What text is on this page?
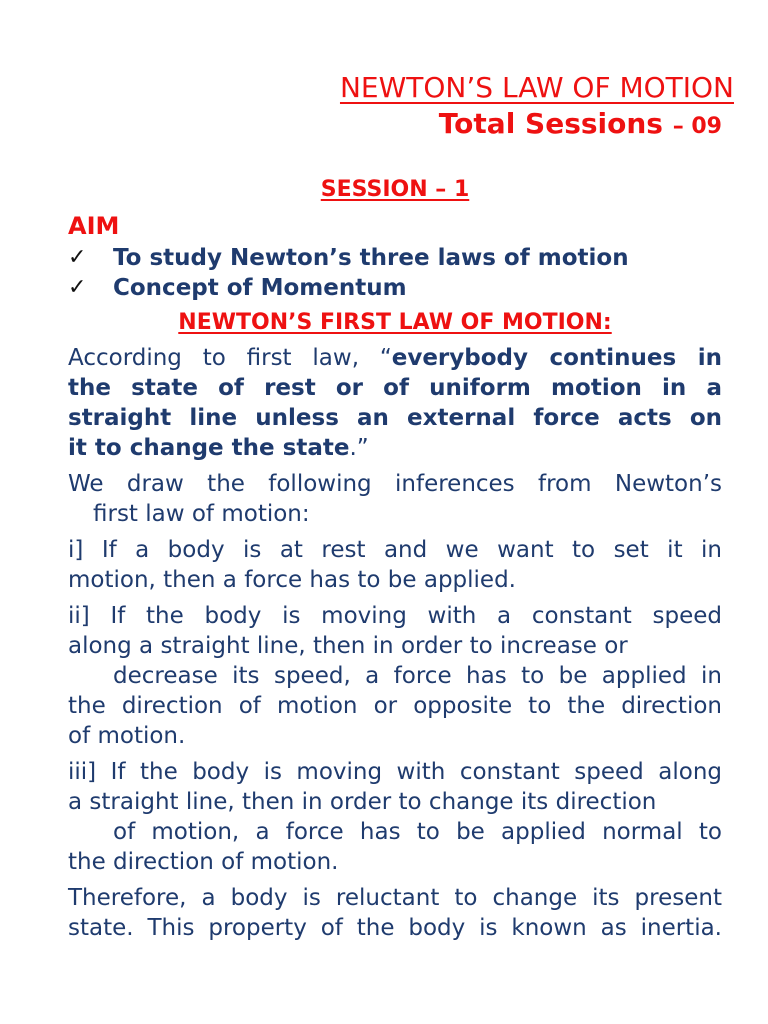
NEWTON’S LAW OF MOTION
Total Sessions – 09
SESSION – 1
AIM
✓	To study Newton’s three laws of motion
✓	Concept of Momentum
NEWTON’S FIRST LAW OF MOTION:
According to first law, “everybody continues in
the state of rest or of uniform motion in a
straight line unless an external force acts on
it to change the state.”
We draw the following inferences from Newton’s
first law of motion:
i] If a body is at rest and we want to set it in
motion, then a force has to be applied.
ii] If the body is moving with a constant speed
along a straight line, then in order to increase or
decrease its speed, a force has to be applied in
the direction of motion or opposite to the direction
of motion.
iii] If the body is moving with constant speed along
a straight line, then in order to change its direction
of motion, a force has to be applied normal to
the direction of motion.
Therefore, a body is reluctant to change its present
state. This property of the body is known as inertia.
